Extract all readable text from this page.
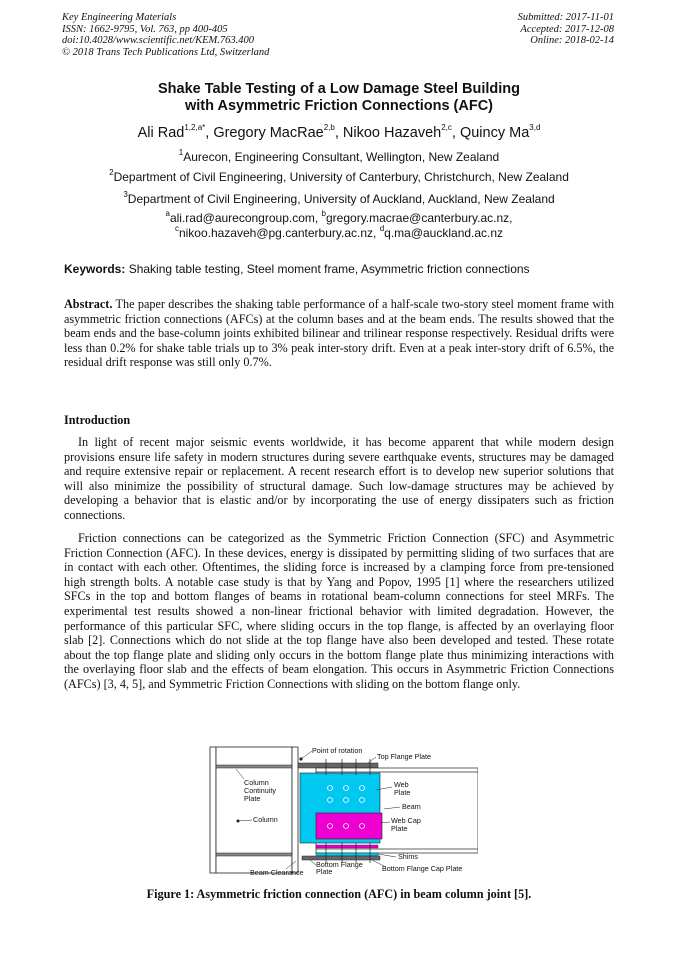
Key Engineering Materials
ISSN: 1662-9795, Vol. 763, pp 400-405
doi:10.4028/www.scientific.net/KEM.763.400
© 2018 Trans Tech Publications Ltd, Switzerland
Submitted: 2017-11-01
Accepted: 2017-12-08
Online: 2018-02-14
Shake Table Testing of a Low Damage Steel Building
with Asymmetric Friction Connections (AFC)
Ali Rad$^{1,2,a*}$, Gregory MacRae$^{2,b}$, Nikoo Hazaveh$^{2,c}$, Quincy Ma$^{3,d}$
$^1$Aurecon, Engineering Consultant, Wellington, New Zealand
$^2$Department of Civil Engineering, University of Canterbury, Christchurch, New Zealand
$^3$Department of Civil Engineering, University of Auckland, Auckland, New Zealand
$^a$ali.rad@aurecongroup.com, $^b$gregory.macrae@canterbury.ac.nz,
$^c$nikoo.hazaveh@pg.canterbury.ac.nz, $^d$q.ma@auckland.ac.nz
Keywords: Shaking table testing, Steel moment frame, Asymmetric friction connections
Abstract. The paper describes the shaking table performance of a half-scale two-story steel moment frame with asymmetric friction connections (AFCs) at the column bases and at the beam ends. The results showed that the beam ends and the base-column joints exhibited bilinear and trilinear response respectively. Residual drifts were less than 0.2% for shake table trials up to 3% peak inter-story drift. Even at a peak inter-story drift of 6.5%, the residual drift response was still only 0.7%.
Introduction
In light of recent major seismic events worldwide, it has become apparent that while modern design provisions ensure life safety in modern structures during severe earthquake events, structures may be damaged and require extensive repair or replacement. A recent research effort is to develop new superior solutions that will also minimize the possibility of structural damage. Such low-damage structures may be achieved by developing a behavior that is elastic and/or by incorporating the use of energy dissipaters such as friction connections.
Friction connections can be categorized as the Symmetric Friction Connection (SFC) and Asymmetric Friction Connection (AFC). In these devices, energy is dissipated by permitting sliding of two surfaces that are in contact with each other. Oftentimes, the sliding force is increased by a clamping force from pre-tensioned high strength bolts. A notable case study is that by Yang and Popov, 1995 [1] where the researchers utilized SFCs in the top and bottom flanges of beams in rotational beam-column connections for steel MRFs. The experimental test results showed a non-linear frictional behavior with limited degradation. However, the performance of this particular SFC, where sliding occurs in the top flange, is affected by an overlaying floor slab [2]. Connections which do not slide at the top flange have also been developed and tested. These rotate about the top flange plate and sliding only occurs in the bottom flange plate thus minimizing interactions with the overlaying floor slab and the effects of beam elongation. This occurs in Asymmetric Friction Connections (AFCs) [3, 4, 5], and Symmetric Friction Connections with sliding on the bottom flange only.
Point of rotation
Top Flange Plate
Column
Continuity
Plate
Column
Web
Plate
Beam
Web Cap
Plate
Shims
Bottom Flange
Plate	Bottom Flange Cap Plate
Beam Clearance
Figure 1: Asymmetric friction connection (AFC) in beam column joint [5].
